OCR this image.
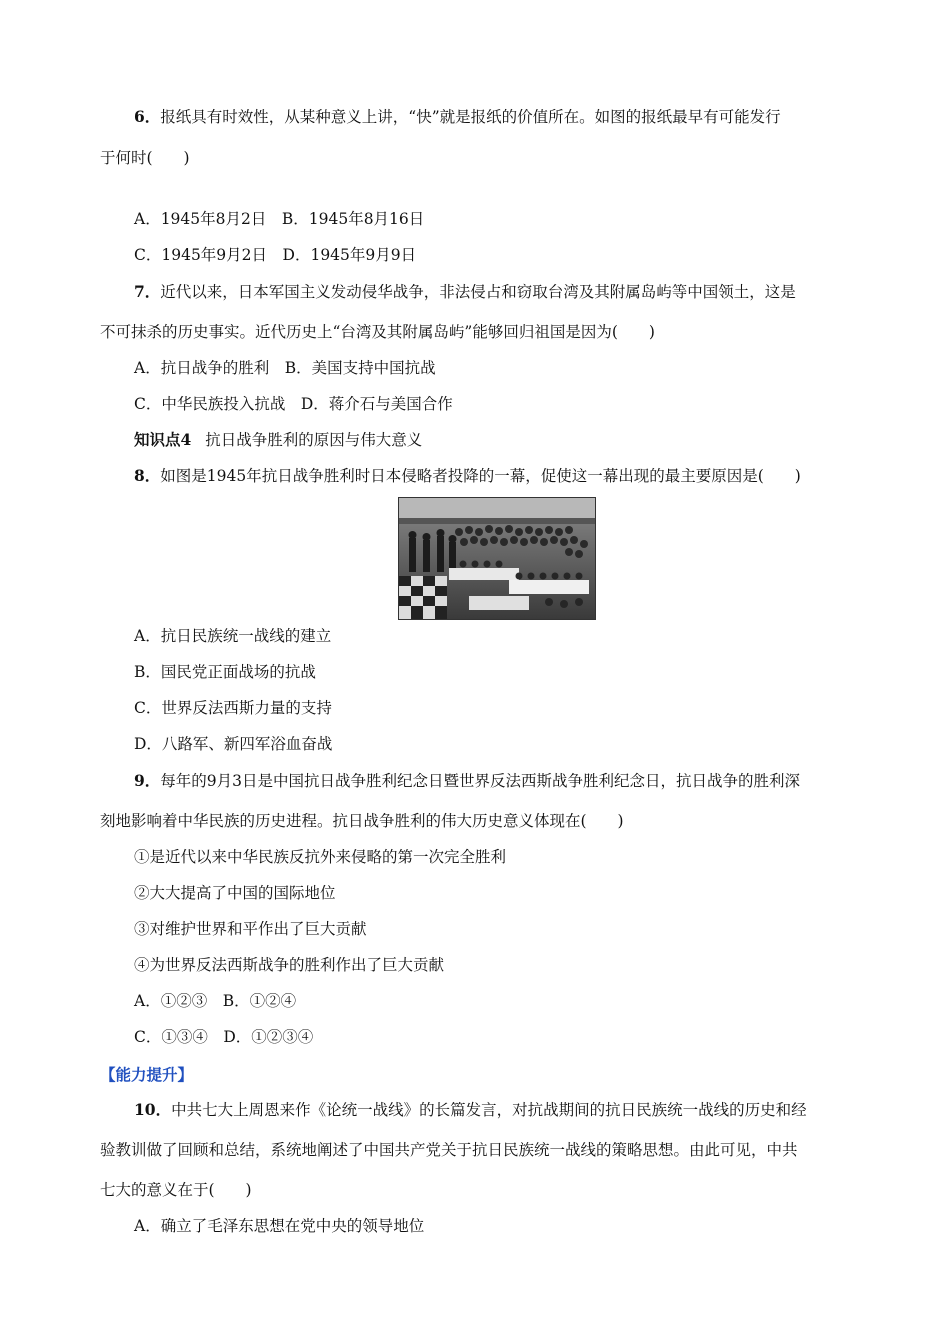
6．报纸具有时效性，从某种意义上讲，“快”就是报纸的价值所在。如图的报纸最早有可能发行
于何时(　　)
A．1945年8月2日　B．1945年8月16日
C．1945年9月2日　D．1945年9月9日
7．近代以来，日本军国主义发动侵华战争，非法侵占和窃取台湾及其附属岛屿等中国领土，这是
不可抹杀的历史事实。近代历史上“台湾及其附属岛屿”能够回归祖国是因为(　　)
A．抗日战争的胜利　B．美国支持中国抗战
C．中华民族投入抗战　D．蒋介石与美国合作
知识点4 抗日战争胜利的原因与伟大意义
8．如图是1945年抗日战争胜利时日本侵略者投降的一幕，促使这一幕出现的最主要原因是(　　)
A．抗日民族统一战线的建立
B．国民党正面战场的抗战
C．世界反法西斯力量的支持
D．八路军、新四军浴血奋战
9．每年的9月3日是中国抗日战争胜利纪念日暨世界反法西斯战争胜利纪念日，抗日战争的胜利深
刻地影响着中华民族的历史进程。抗日战争胜利的伟大历史意义体现在(　　)
①是近代以来中华民族反抗外来侵略的第一次完全胜利
②大大提高了中国的国际地位
③对维护世界和平作出了巨大贡献
④为世界反法西斯战争的胜利作出了巨大贡献
A．①②③　B．①②④
C．①③④　D．①②③④
【能力提升】
10．中共七大上周恩来作《论统一战线》的长篇发言，对抗战期间的抗日民族统一战线的历史和经
验教训做了回顾和总结，系统地阐述了中国共产党关于抗日民族统一战线的策略思想。由此可见，中共
七大的意义在于(　　)
A．确立了毛泽东思想在党中央的领导地位
